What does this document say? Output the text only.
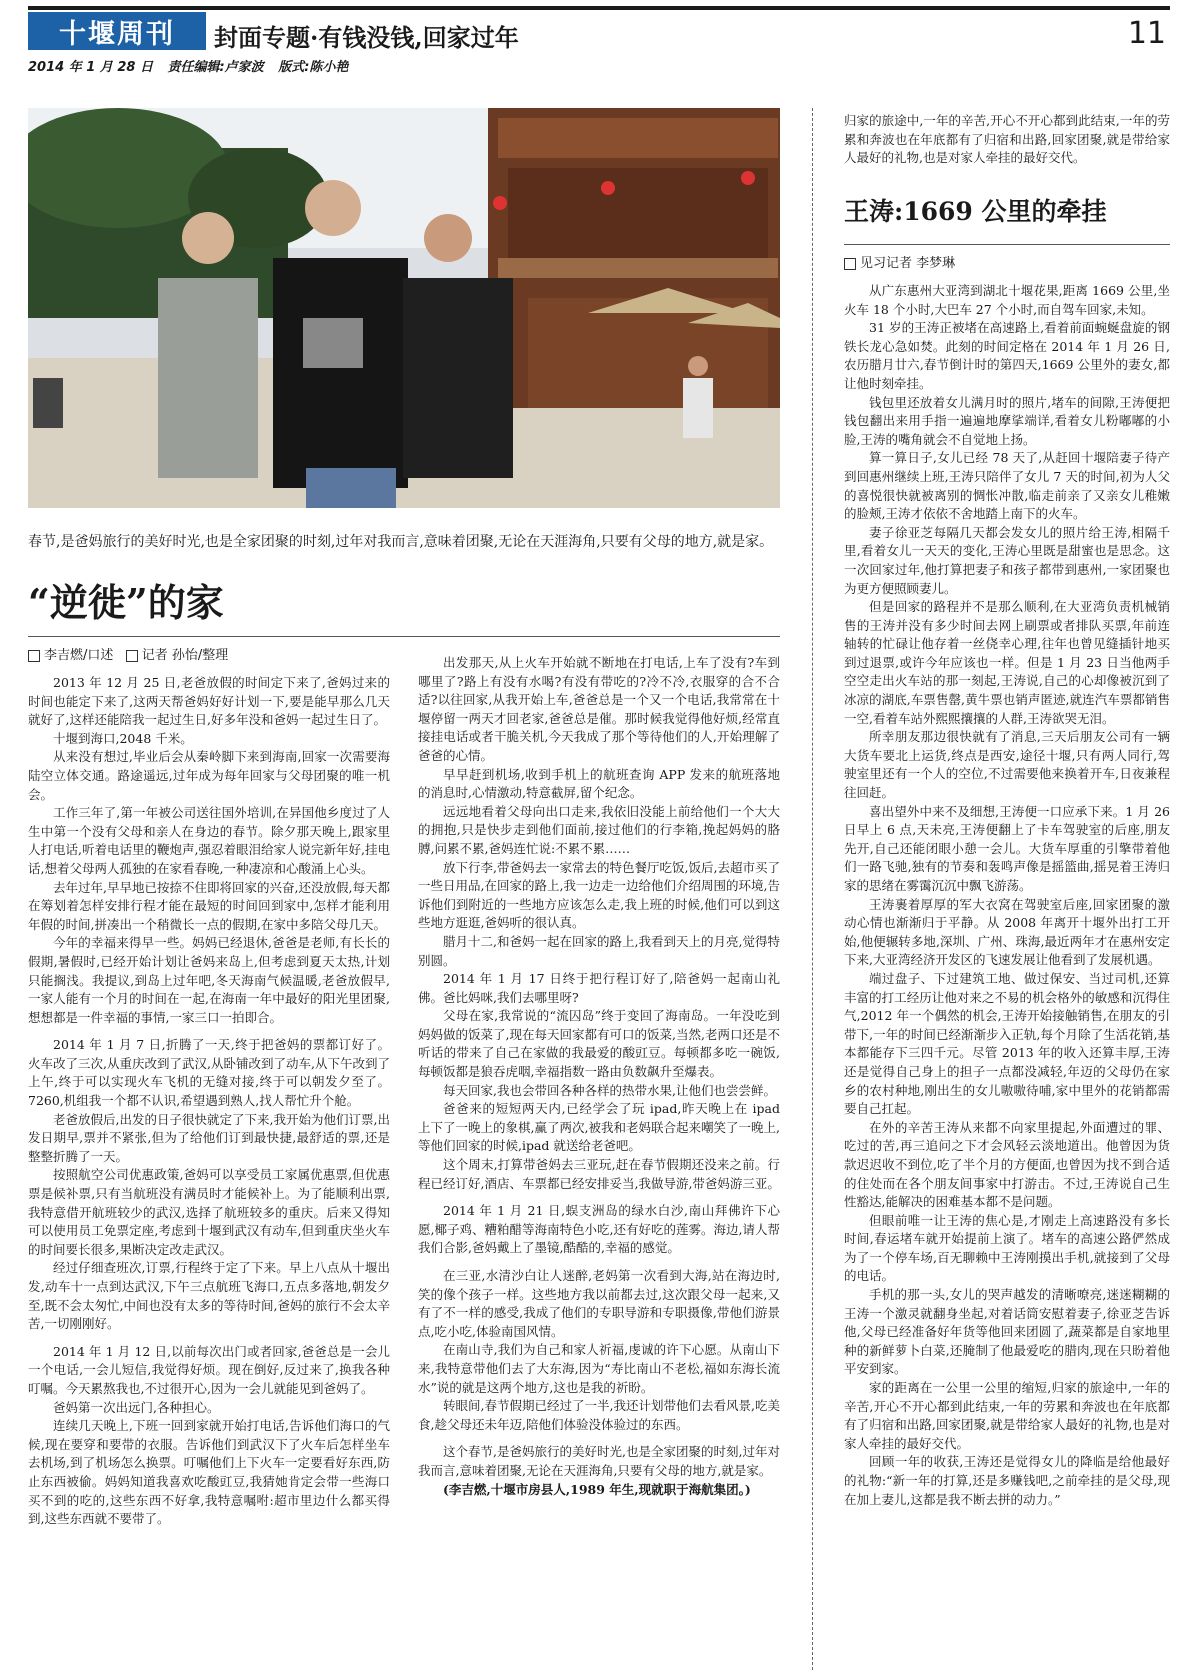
十堰周刊	封面专题·有钱没钱,回家过年	11
2014 年 1 月 28 日 责任编辑:卢家波 版式:陈小艳
春节,是爸妈旅行的美好时光,也是全家团聚的时刻,过年对我而言,意味着团聚,无论在天涯海角,只要有父母的地方,就是家。
“逆徙”的家
李吉燃/口述 记者 孙怡/整理

2013 年 12 月 25 日,老爸放假的时间定下来了,爸妈过来的时间也能定下来了,这两天帮爸妈好好计划一下,要是能早那么几天就好了,这样还能陪我一起过生日,好多年没和爸妈一起过生日了。

十堰到海口,2048 千米。

从来没有想过,毕业后会从秦岭脚下来到海南,回家一次需要海陆空立体交通。路途遥远,过年成为每年回家与父母团聚的唯一机会。

工作三年了,第一年被公司送往国外培训,在异国他乡度过了人生中第一个没有父母和亲人在身边的春节。除夕那天晚上,跟家里人打电话,听着电话里的鞭炮声,强忍着眼泪给家人说完新年好,挂电话,想着父母两人孤独的在家看春晚,一种凄凉和心酸涌上心头。

去年过年,早早地已按捺不住即将回家的兴奋,还没放假,每天都在筹划着怎样安排行程才能在最短的时间回到家中,怎样才能利用年假的时间,拼凑出一个稍微长一点的假期,在家中多陪父母几天。

今年的幸福来得早一些。妈妈已经退休,爸爸是老师,有长长的假期,暑假时,已经开始计划让爸妈来岛上,但考虑到夏天太热,计划只能搁浅。我提议,到岛上过年吧,冬天海南气候温暖,老爸放假早,一家人能有一个月的时间在一起,在海南一年中最好的阳光里团聚,想想都是一件幸福的事情,一家三口一拍即合。

2014 年 1 月 7 日,折腾了一天,终于把爸妈的票都订好了。火车改了三次,从重庆改到了武汉,从卧铺改到了动车,从下午改到了上午,终于可以实现火车飞机的无缝对接,终于可以朝发夕至了。7260,机组我一个都不认识,希望遇到熟人,找人帮忙升个舱。

老爸放假后,出发的日子很快就定了下来,我开始为他们订票,出发日期早,票并不紧张,但为了给他们订到最快捷,最舒适的票,还是整整折腾了一天。

按照航空公司优惠政策,爸妈可以享受员工家属优惠票,但优惠票是候补票,只有当航班没有满员时才能候补上。为了能顺利出票,我特意借开航班较少的武汉,选择了航班较多的重庆。后来又得知可以使用员工免票定座,考虑到十堰到武汉有动车,但到重庆坐火车的时间要长很多,果断决定改走武汉。

经过仔细查班次,订票,行程终于定了下来。早上八点从十堰出发,动车十一点到达武汉,下午三点航班飞海口,五点多落地,朝发夕至,既不会太匆忙,中间也没有太多的等待时间,爸妈的旅行不会太辛苦,一切刚刚好。

2014 年 1 月 12 日,以前每次出门或者回家,爸爸总是一会儿一个电话,一会儿短信,我觉得好烦。现在倒好,反过来了,换我各种叮嘱。今天累熬我也,不过很开心,因为一会儿就能见到爸妈了。

爸妈第一次出远门,各种担心。

连续几天晚上,下班一回到家就开始打电话,告诉他们海口的气候,现在要穿和要带的衣服。告诉他们到武汉下了火车后怎样坐车去机场,到了机场怎么换票。叮嘱他们上下火车一定要看好东西,防止东西被偷。妈妈知道我喜欢吃酸豇豆,我猜她肯定会带一些海口买不到的吃的,这些东西不好拿,我特意嘱咐:超市里边什么都买得到,这些东西就不要带了。

出发那天,从上火车开始就不断地在打电话,上车了没有?车到哪里了?路上有没有水喝?有没有带吃的?冷不冷,衣服穿的合不合适?以往回家,从我开始上车,爸爸总是一个又一个电话,我常常在十堰停留一两天才回老家,爸爸总是催。那时候我觉得他好烦,经常直接挂电话或者干脆关机,今天我成了那个等待他们的人,开始理解了爸爸的心情。

早早赶到机场,收到手机上的航班查询 APP 发来的航班落地的消息时,心情激动,特意截屏,留个纪念。

远远地看着父母向出口走来,我依旧没能上前给他们一个大大的拥抱,只是快步走到他们面前,接过他们的行李箱,挽起妈妈的胳膊,问累不累,爸妈连忙说:不累不累……

放下行李,带爸妈去一家常去的特色餐厅吃饭,饭后,去超市买了一些日用品,在回家的路上,我一边走一边给他们介绍周围的环境,告诉他们到附近的一些地方应该怎么走,我上班的时候,他们可以到这些地方逛逛,爸妈听的很认真。

腊月十二,和爸妈一起在回家的路上,我看到天上的月亮,觉得特别圆。

2014 年 1 月 17 日终于把行程订好了,陪爸妈一起南山礼佛。爸比妈咪,我们去哪里呀?

父母在家,我常说的“流囚岛”终于变回了海南岛。一年没吃到妈妈做的饭菜了,现在每天回家都有可口的饭菜,当然,老两口还是不听话的带来了自己在家做的我最爱的酸豇豆。每顿都多吃一碗饭,每顿饭都是狼吞虎咽,幸福指数一路由负数飙升至爆表。

每天回家,我也会带回各种各样的热带水果,让他们也尝尝鲜。

爸爸来的短短两天内,已经学会了玩 ipad,昨天晚上在 ipad 上下了一晚上的象棋,赢了两次,被我和老妈联合起来嘲笑了一晚上,等他们回家的时候,ipad 就送给老爸吧。

这个周末,打算带爸妈去三亚玩,赶在春节假期还没来之前。行程已经订好,酒店、车票都已经安排妥当,我做导游,带爸妈游三亚。

2014 年 1 月 21 日,蜈支洲岛的绿水白沙,南山拜佛许下心愿,椰子鸡、糟粕醋等海南特色小吃,还有好吃的莲雾。海边,请人帮我们合影,爸妈戴上了墨镜,酷酷的,幸福的感觉。

在三亚,水清沙白让人迷醉,老妈第一次看到大海,站在海边时,笑的像个孩子一样。这些地方我以前都去过,这次跟父母一起来,又有了不一样的感受,我成了他们的专职导游和专职摄像,带他们游景点,吃小吃,体验南国风情。

在南山寺,我们为自己和家人祈福,虔诚的许下心愿。从南山下来,我特意带他们去了大东海,因为“寿比南山不老松,福如东海长流水”说的就是这两个地方,这也是我的祈盼。

转眼间,春节假期已经过了一半,我还计划带他们去看风景,吃美食,趁父母还未年迈,陪他们体验没体验过的东西。

这个春节,是爸妈旅行的美好时光,也是全家团聚的时刻,过年对我而言,意味着团聚,无论在天涯海角,只要有父母的地方,就是家。

(李吉燃,十堰市房县人,1989 年生,现就职于海航集团。)

归家的旅途中,一年的辛苦,开心不开心都到此结束,一年的劳累和奔波也在年底都有了归宿和出路,回家团聚,就是带给家人最好的礼物,也是对家人牵挂的最好交代。

王涛:1669 公里的牵挂
见习记者 李梦琳

从广东惠州大亚湾到湖北十堰花果,距离 1669 公里,坐火车 18 个小时,大巴车 27 个小时,而自驾车回家,未知。

31 岁的王涛正被堵在高速路上,看着前面蜿蜒盘旋的钢铁长龙心急如焚。此刻的时间定格在 2014 年 1 月 26 日,农历腊月廿六,春节倒计时的第四天,1669 公里外的妻女,都让他时刻牵挂。

钱包里还放着女儿满月时的照片,堵车的间隙,王涛便把钱包翻出来用手指一遍遍地摩挲端详,看着女儿粉嘟嘟的小脸,王涛的嘴角就会不自觉地上扬。

算一算日子,女儿已经 78 天了,从赶回十堰陪妻子待产到回惠州继续上班,王涛只陪伴了女儿 7 天的时间,初为人父的喜悦很快就被离别的惆怅冲散,临走前亲了又亲女儿稚嫩的脸颊,王涛才依依不舍地踏上南下的火车。

妻子徐亚芝每隔几天都会发女儿的照片给王涛,相隔千里,看着女儿一天天的变化,王涛心里既是甜蜜也是思念。这一次回家过年,他打算把妻子和孩子都带到惠州,一家团聚也为更方便照顾妻儿。

但是回家的路程并不是那么顺利,在大亚湾负责机械销售的王涛并没有多少时间去网上刷票或者排队买票,年前连轴转的忙碌让他存着一丝侥幸心理,往年也曾见缝插针地买到过退票,或许今年应该也一样。但是 1 月 23 日当他两手空空走出火车站的那一刻起,王涛说,自己的心却像被沉到了冰凉的湖底,车票售罄,黄牛票也销声匿迹,就连汽车票都销售一空,看着车站外熙熙攘攘的人群,王涛欲哭无泪。

所幸朋友那边很快就有了消息,三天后朋友公司有一辆大货车要北上运货,终点是西安,途径十堰,只有两人同行,驾驶室里还有一个人的空位,不过需要他来换着开车,日夜兼程往回赶。

喜出望外中来不及细想,王涛便一口应承下来。1 月 26 日早上 6 点,天未亮,王涛便翻上了卡车驾驶室的后座,朋友先开,自己还能闭眼小憩一会儿。大货车厚重的引擎带着他们一路飞驰,独有的节奏和轰鸣声像是摇篮曲,摇晃着王涛归家的思绪在雾霭沉沉中飘飞游荡。

王涛裹着厚厚的军大衣窝在驾驶室后座,回家团聚的激动心情也渐渐归于平静。从 2008 年离开十堰外出打工开始,他便辗转多地,深圳、广州、珠海,最近两年才在惠州安定下来,大亚湾经济开发区的飞速发展让他看到了发展机遇。

端过盘子、下过建筑工地、做过保安、当过司机,还算丰富的打工经历让他对来之不易的机会格外的敏感和沉得住气,2012 年一个偶然的机会,王涛开始接触销售,在朋友的引带下,一年的时间已经渐渐步入正轨,每个月除了生活花销,基本都能存下三四千元。尽管 2013 年的收入还算丰厚,王涛还是觉得自己身上的担子一点都没减轻,年迈的父母仍在家乡的农村种地,刚出生的女儿嗷嗷待哺,家中里外的花销都需要自己扛起。

在外的辛苦王涛从来都不向家里提起,外面遭过的罪、吃过的苦,再三追问之下才会风轻云淡地道出。他曾因为货款迟迟收不到位,吃了半个月的方便面,也曾因为找不到合适的住处而在各个朋友间事家中打游击。不过,王涛说自己生性豁达,能解决的困难基本都不是问题。

但眼前唯一让王涛的焦心是,才刚走上高速路没有多长时间,春运堵车就开始提前上演了。堵车的高速公路俨然成为了一个停车场,百无聊赖中王涛刚摸出手机,就接到了父母的电话。

手机的那一头,女儿的哭声越发的清晰嘹亮,迷迷糊糊的王涛一个激灵就翻身坐起,对着话筒安慰着妻子,徐亚芝告诉他,父母已经准备好年货等他回来团圆了,蔬菜都是自家地里种的新鲜萝卜白菜,还腌制了他最爱吃的腊肉,现在只盼着他平安到家。

家的距离在一公里一公里的缩短,归家的旅途中,一年的辛苦,开心不开心都到此结束,一年的劳累和奔波也在年底都有了归宿和出路,回家团聚,就是带给家人最好的礼物,也是对家人牵挂的最好交代。

回顾一年的收获,王涛还是觉得女儿的降临是给他最好的礼物:“新一年的打算,还是多赚钱吧,之前牵挂的是父母,现在加上妻儿,这都是我不断去拼的动力。”
